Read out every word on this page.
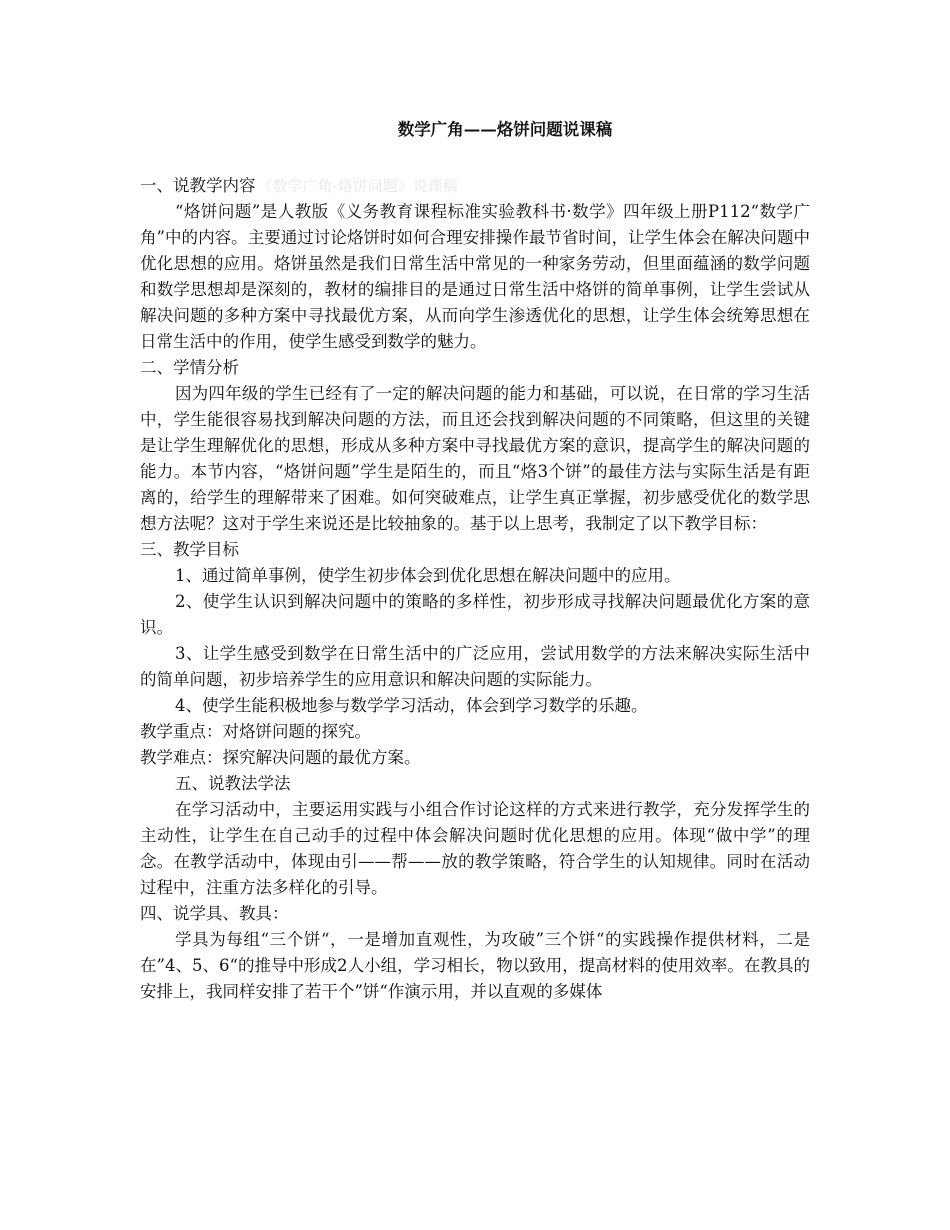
数学广角——烙饼问题说课稿

一、说教学内容 《数学广角-烙饼问题》说课稿

“烙饼问题”是人教版《义务教育课程标准实验教科书·数学》四年级上册P112“数学广角”中的内容。主要通过讨论烙饼时如何合理安排操作最节省时间，让学生体会在解决问题中优化思想的应用。烙饼虽然是我们日常生活中常见的一种家务劳动，但里面蕴涵的数学问题和数学思想却是深刻的，教材的编排目的是通过日常生活中烙饼的简单事例，让学生尝试从解决问题的多种方案中寻找最优方案，从而向学生渗透优化的思想，让学生体会统筹思想在日常生活中的作用，使学生感受到数学的魅力。

二、学情分析

因为四年级的学生已经有了一定的解决问题的能力和基础，可以说，在日常的学习生活中，学生能很容易找到解决问题的方法，而且还会找到解决问题的不同策略，但这里的关键是让学生理解优化的思想，形成从多种方案中寻找最优方案的意识，提高学生的解决问题的能力。本节内容，“烙饼问题”学生是陌生的，而且“烙3个饼”的最佳方法与实际生活是有距离的，给学生的理解带来了困难。如何突破难点，让学生真正掌握，初步感受优化的数学思想方法呢？这对于学生来说还是比较抽象的。基于以上思考，我制定了以下教学目标：

三、教学目标

1、通过简单事例，使学生初步体会到优化思想在解决问题中的应用。

2、使学生认识到解决问题中的策略的多样性，初步形成寻找解决问题最优化方案的意识。

3、让学生感受到数学在日常生活中的广泛应用，尝试用数学的方法来解决实际生活中的简单问题，初步培养学生的应用意识和解决问题的实际能力。

4、使学生能积极地参与数学学习活动，体会到学习数学的乐趣。

教学重点：对烙饼问题的探究。

教学难点：探究解决问题的最优方案。

五、说教法学法

在学习活动中，主要运用实践与小组合作讨论这样的方式来进行教学，充分发挥学生的主动性，让学生在自己动手的过程中体会解决问题时优化思想的应用。体现“做中学”的理念。在教学活动中，体现由引——帮——放的教学策略，符合学生的认知规律。同时在活动过程中，注重方法多样化的引导。

四、说学具、教具：

学具为每组“三个饼“，一是增加直观性，为攻破”三个饼“的实践操作提供材料，二是在”4、5、6“的推导中形成2人小组，学习相长，物以致用，提高材料的使用效率。在教具的安排上，我同样安排了若干个”饼“作演示用，并以直观的多媒体
